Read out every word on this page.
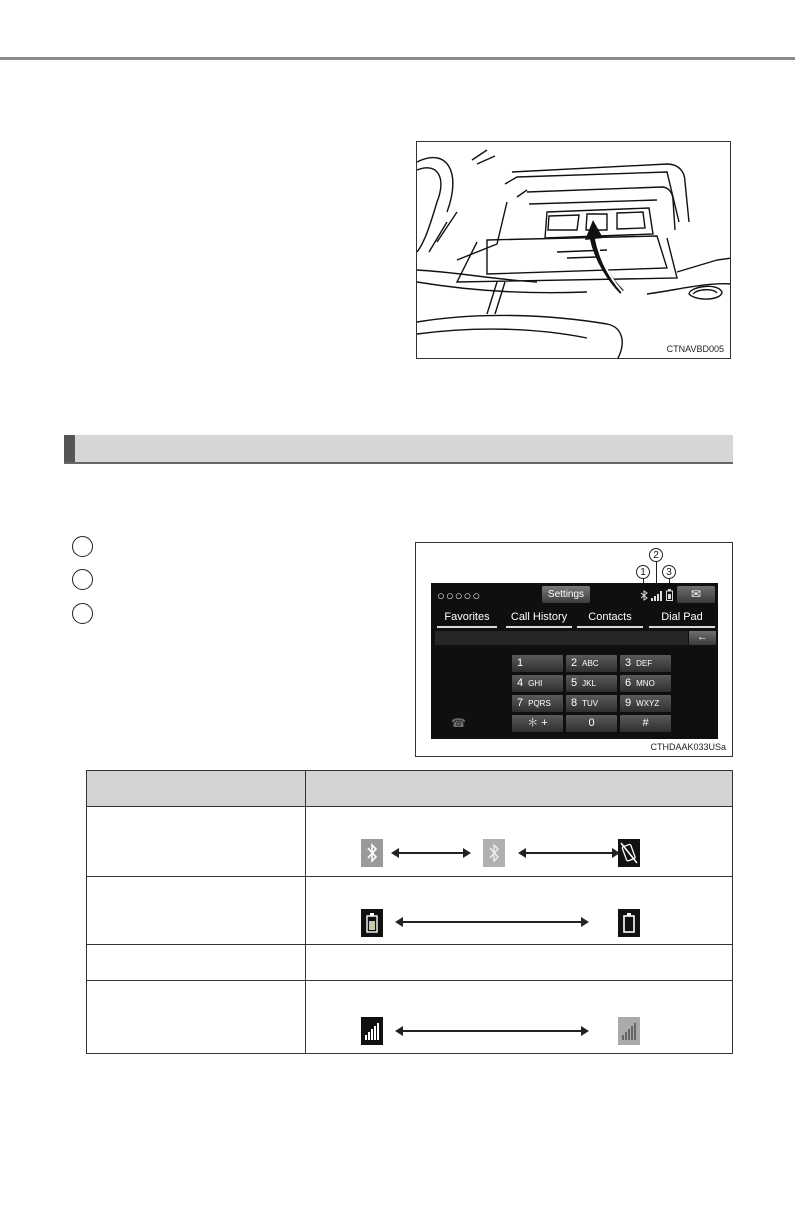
CTNAVBD005
1
2
3
○○○○○	Settings	✉
Favorites	Call History	Contacts	Dial Pad
←
1	2 ABC	3 DEF
4 GHI	5 JKL	6 MNO
7 PQRS	8 TUV	9 WXYZ
＊ +	0	#
☎
CTHDAAK033USa
